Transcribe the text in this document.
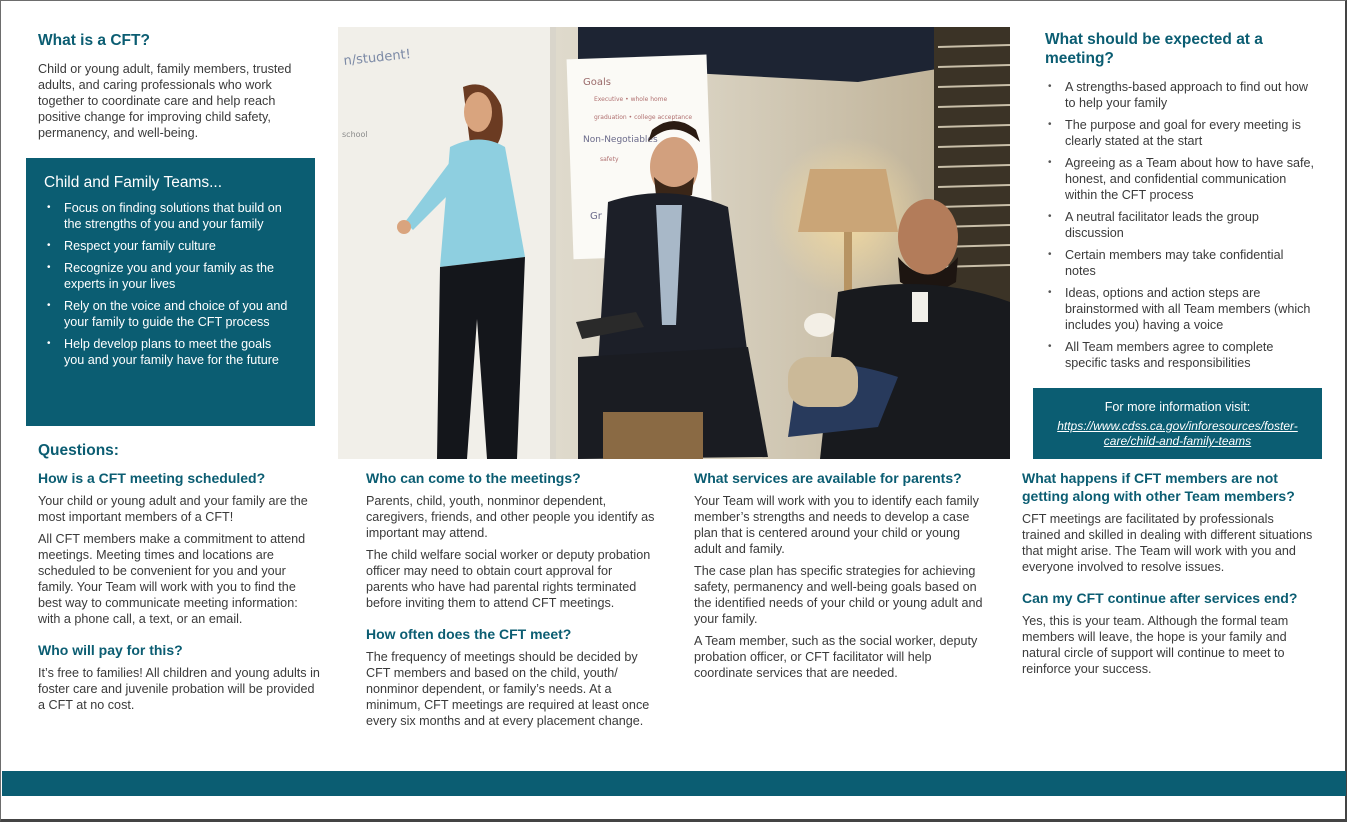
What is a CFT?

Child or young adult, family members, trusted adults, and caring professionals who work together to coordinate care and help reach positive change for improving child safety, permanency, and well-being.

Child and Family Teams...
• Focus on finding solutions that build on the strengths of you and your family
• Respect your family culture
• Recognize you and your family as the experts in your lives
• Rely on the voice and choice of you and your family to guide the CFT process
• Help develop plans to meet the goals you and your family have for the future
n/student!
school
Goals
Executive • whole home
graduation • college acceptance
Non-Negotiables
safety
Gr
What should be expected at a meeting?
• A strengths-based approach to find out how to help your family
• The purpose and goal for every meeting is clearly stated at the start
• Agreeing as a Team about how to have safe, honest, and confidential communication within the CFT process
• A neutral facilitator leads the group discussion
• Certain members may take confidential notes
• Ideas, options and action steps are brainstormed with all Team members (which includes you) having a voice
• All Team members agree to complete specific tasks and responsibilities
For more information visit:
https://www.cdss.ca.gov/inforesources/foster-care/child-and-family-teams
Questions:
How is a CFT meeting scheduled?

Your child or young adult and your family are the most important members of a CFT!

All CFT members make a commitment to attend meetings. Meeting times and locations are scheduled to be convenient for you and your family. Your Team will work with you to find the best way to communicate meeting information: with a phone call, a text, or an email.

Who will pay for this?

It’s free to families! All children and young adults in foster care and juvenile probation will be provided a CFT at no cost.

Who can come to the meetings?

Parents, child, youth, nonminor dependent, caregivers, friends, and other people you identify as important may attend.

The child welfare social worker or deputy probation officer may need to obtain court approval for parents who have had parental rights terminated before inviting them to attend CFT meetings.

How often does the CFT meet?

The frequency of meetings should be decided by CFT members and based on the child, youth/ nonminor dependent, or family’s needs. At a minimum, CFT meetings are required at least once every six months and at every placement change.

What services are available for parents?

Your Team will work with you to identify each family member’s strengths and needs to develop a case plan that is centered around your child or young adult and family.

The case plan has specific strategies for achieving safety, permanency and well-being goals based on the identified needs of your child or young adult and your family.

A Team member, such as the social worker, deputy probation officer, or CFT facilitator will help coordinate services that are needed.

What happens if CFT members are not getting along with other Team members?

CFT meetings are facilitated by professionals trained and skilled in dealing with different situations that might arise. The Team will work with you and everyone involved to resolve issues.

Can my CFT continue after services end?

Yes, this is your team. Although the formal team members will leave, the hope is your family and natural circle of support will continue to meet to reinforce your success.
